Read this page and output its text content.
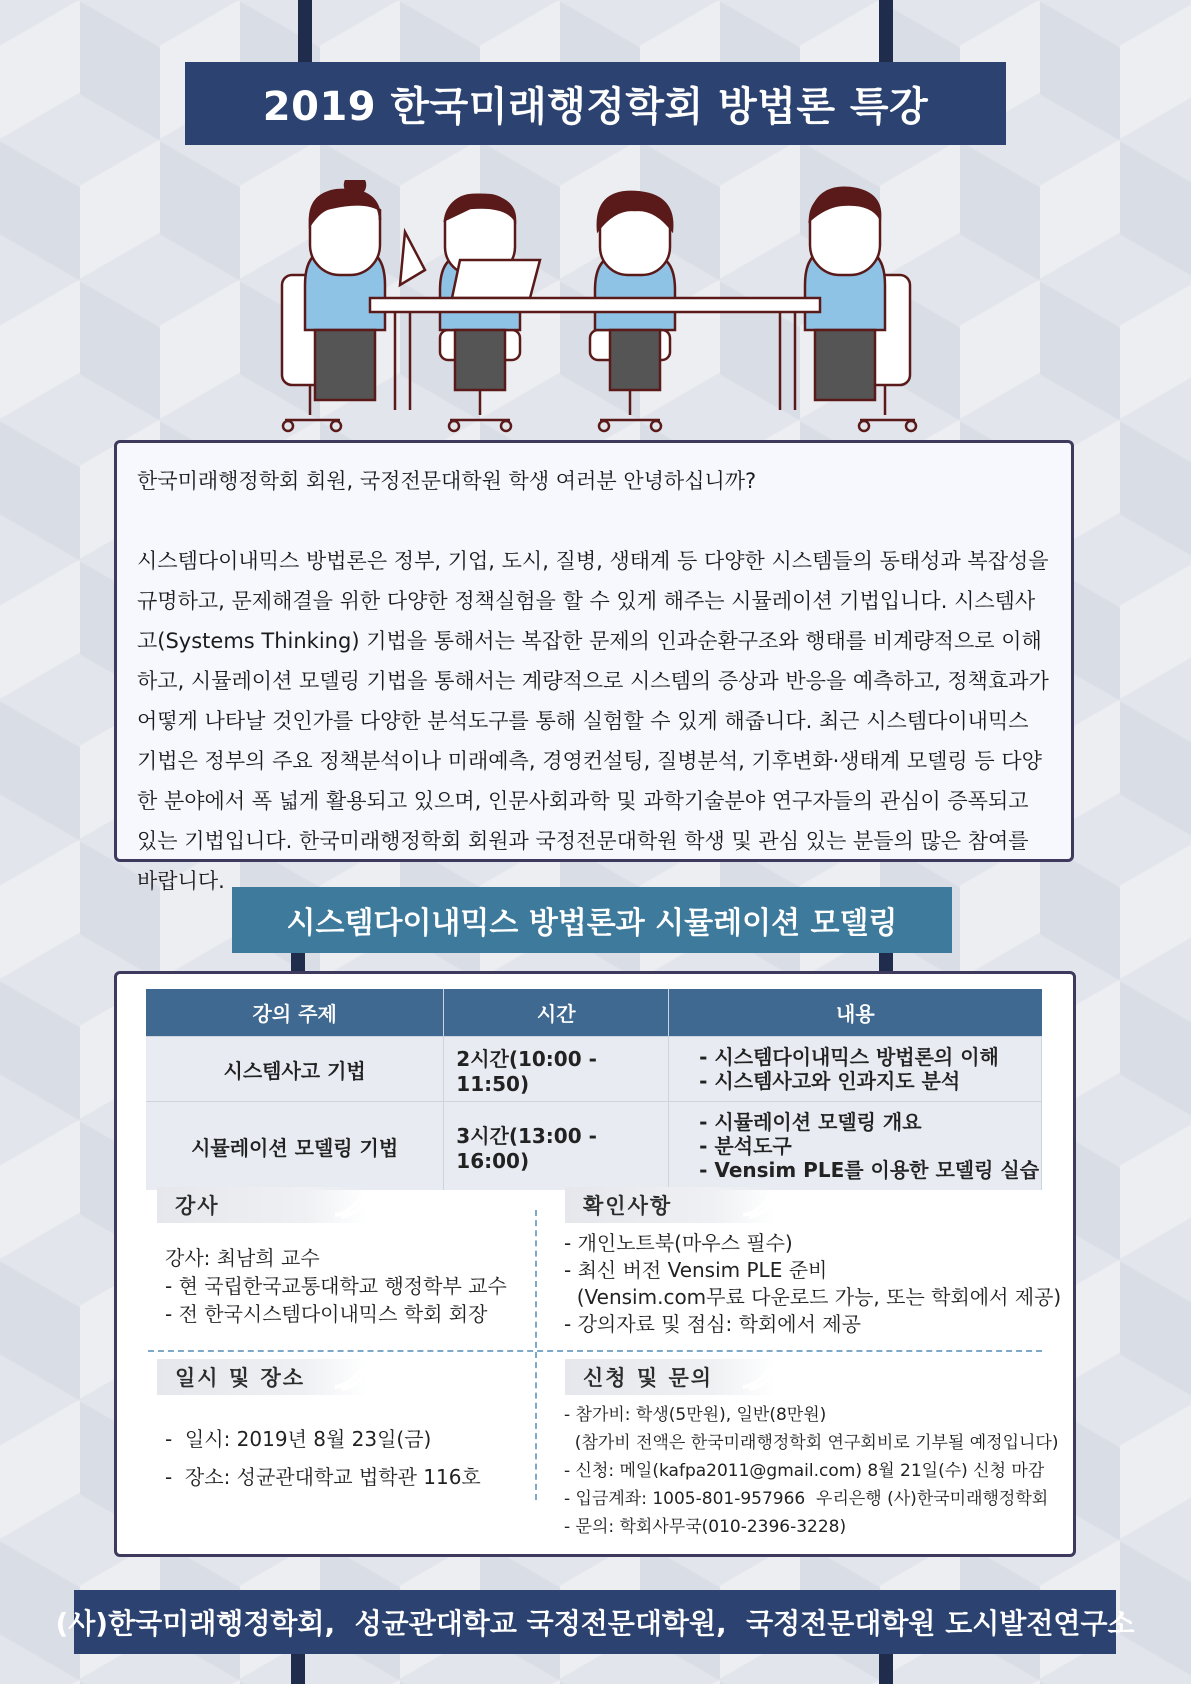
2019 한국미래행정학회 방법론 특강

한국미래행정학회 회원, 국정전문대학원 학생 여러분 안녕하십니까?

시스템다이내믹스 방법론은 정부, 기업, 도시, 질병, 생태계 등 다양한 시스템들의 동태성과 복잡성을 규명하고, 문제해결을 위한 다양한 정책실험을 할 수 있게 해주는 시뮬레이션 기법입니다. 시스템사고(Systems Thinking) 기법을 통해서는 복잡한 문제의 인과순환구조와 행태를 비계량적으로 이해하고, 시뮬레이션 모델링 기법을 통해서는 계량적으로 시스템의 증상과 반응을 예측하고, 정책효과가 어떻게 나타날 것인가를 다양한 분석도구를 통해 실험할 수 있게 해줍니다. 최근 시스템다이내믹스 기법은 정부의 주요 정책분석이나 미래예측, 경영컨설팅, 질병분석, 기후변화·생태계 모델링 등 다양한 분야에서 폭 넓게 활용되고 있으며, 인문사회과학 및 과학기술분야 연구자들의 관심이 증폭되고 있는 기법입니다. 한국미래행정학회 회원과 국정전문대학원 학생 및 관심 있는 분들의 많은 참여를 바랍니다.

시스템다이내믹스 방법론과 시뮬레이션 모델링
강의 주제	시간	내용
시스템사고 기법	2시간(10:00 - 11:50)	- 시스템다이내믹스 방법론의 이해
- 시스템사고와 인과지도 분석

시뮬레이션 모델링 기법	3시간(13:00 - 16:00)	- 시뮬레이션 모델링 개요
- 분석도구
- Vensim PLE를 이용한 모델링 실습
강사
강사: 최남희 교수
- 현 국립한국교통대학교 행정학부 교수
- 전 한국시스템다이내믹스 학회 회장
확인사항
- 개인노트북(마우스 필수)
- 최신 버전 Vensim PLE 준비
(Vensim.com무료 다운로드 가능, 또는 학회에서 제공)
- 강의자료 및 점심: 학회에서 제공
일시 및 장소
-  일시: 2019년 8월 23일(금)
-  장소: 성균관대학교 법학관 116호
신청 및 문의
- 참가비: 학생(5만원), 일반(8만원)
(참가비 전액은 한국미래행정학회 연구회비로 기부될 예정입니다)
- 신청: 메일(kafpa2011@gmail.com) 8월 21일(수) 신청 마감
- 입금계좌: 1005-801-957966  우리은행 (사)한국미래행정학회
- 문의: 학회사무국(010-2396-3228)
(사)한국미래행정학회,  성균관대학교 국정전문대학원,  국정전문대학원 도시발전연구소
